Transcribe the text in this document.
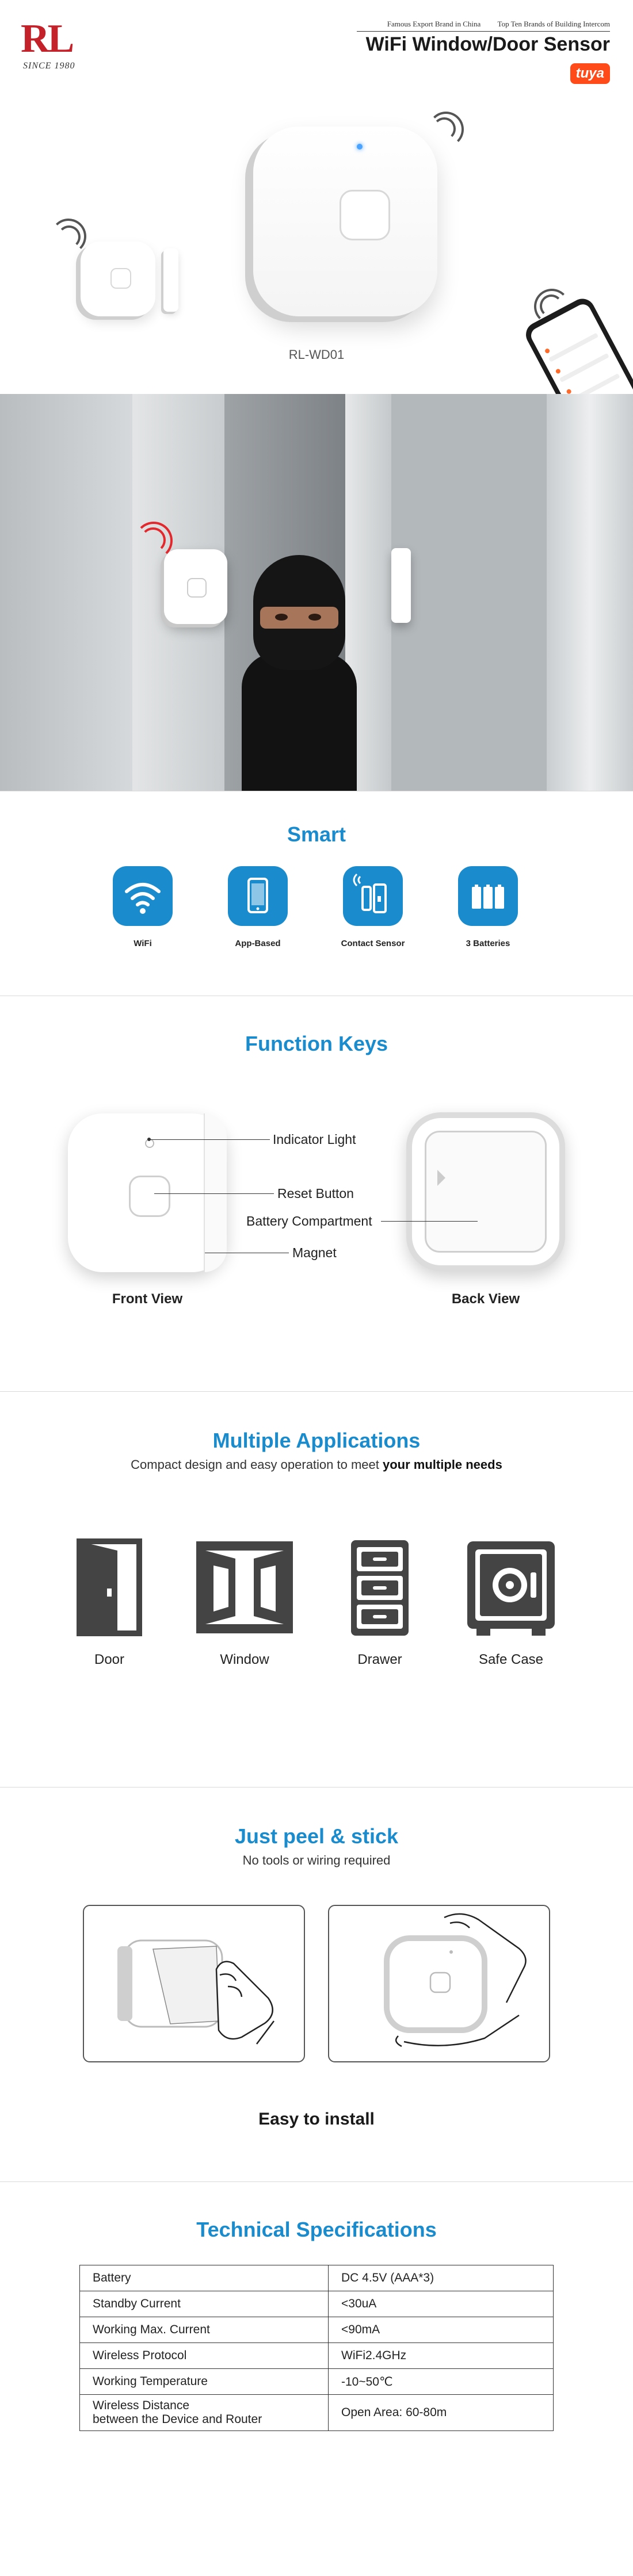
RL
SINCE 1980
Famous Export Brand in China Top Ten Brands of Building Intercom
WiFi Window/Door Sensor
tuya
RL-WD01
Smart
WiFi	App-Based	Contact Sensor	3 Batteries
Function Keys
Indicator Light
Reset Button
Battery Compartment
Magnet
Front View	Back View
Multiple Applications
Compact design and easy operation to meet your multiple needs
Door	Window	Drawer	Safe Case
Just peel & stick
No tools or wiring required
Easy to install
Technical Specifications
Battery	DC 4.5V (AAA*3)
Standby Current	<30uA
Working Max. Current	<90mA
Wireless Protocol	WiFi2.4GHz
Working Temperature	-10~50℃

Wireless Distance
between the Device and Router	Open Area: 60-80m
